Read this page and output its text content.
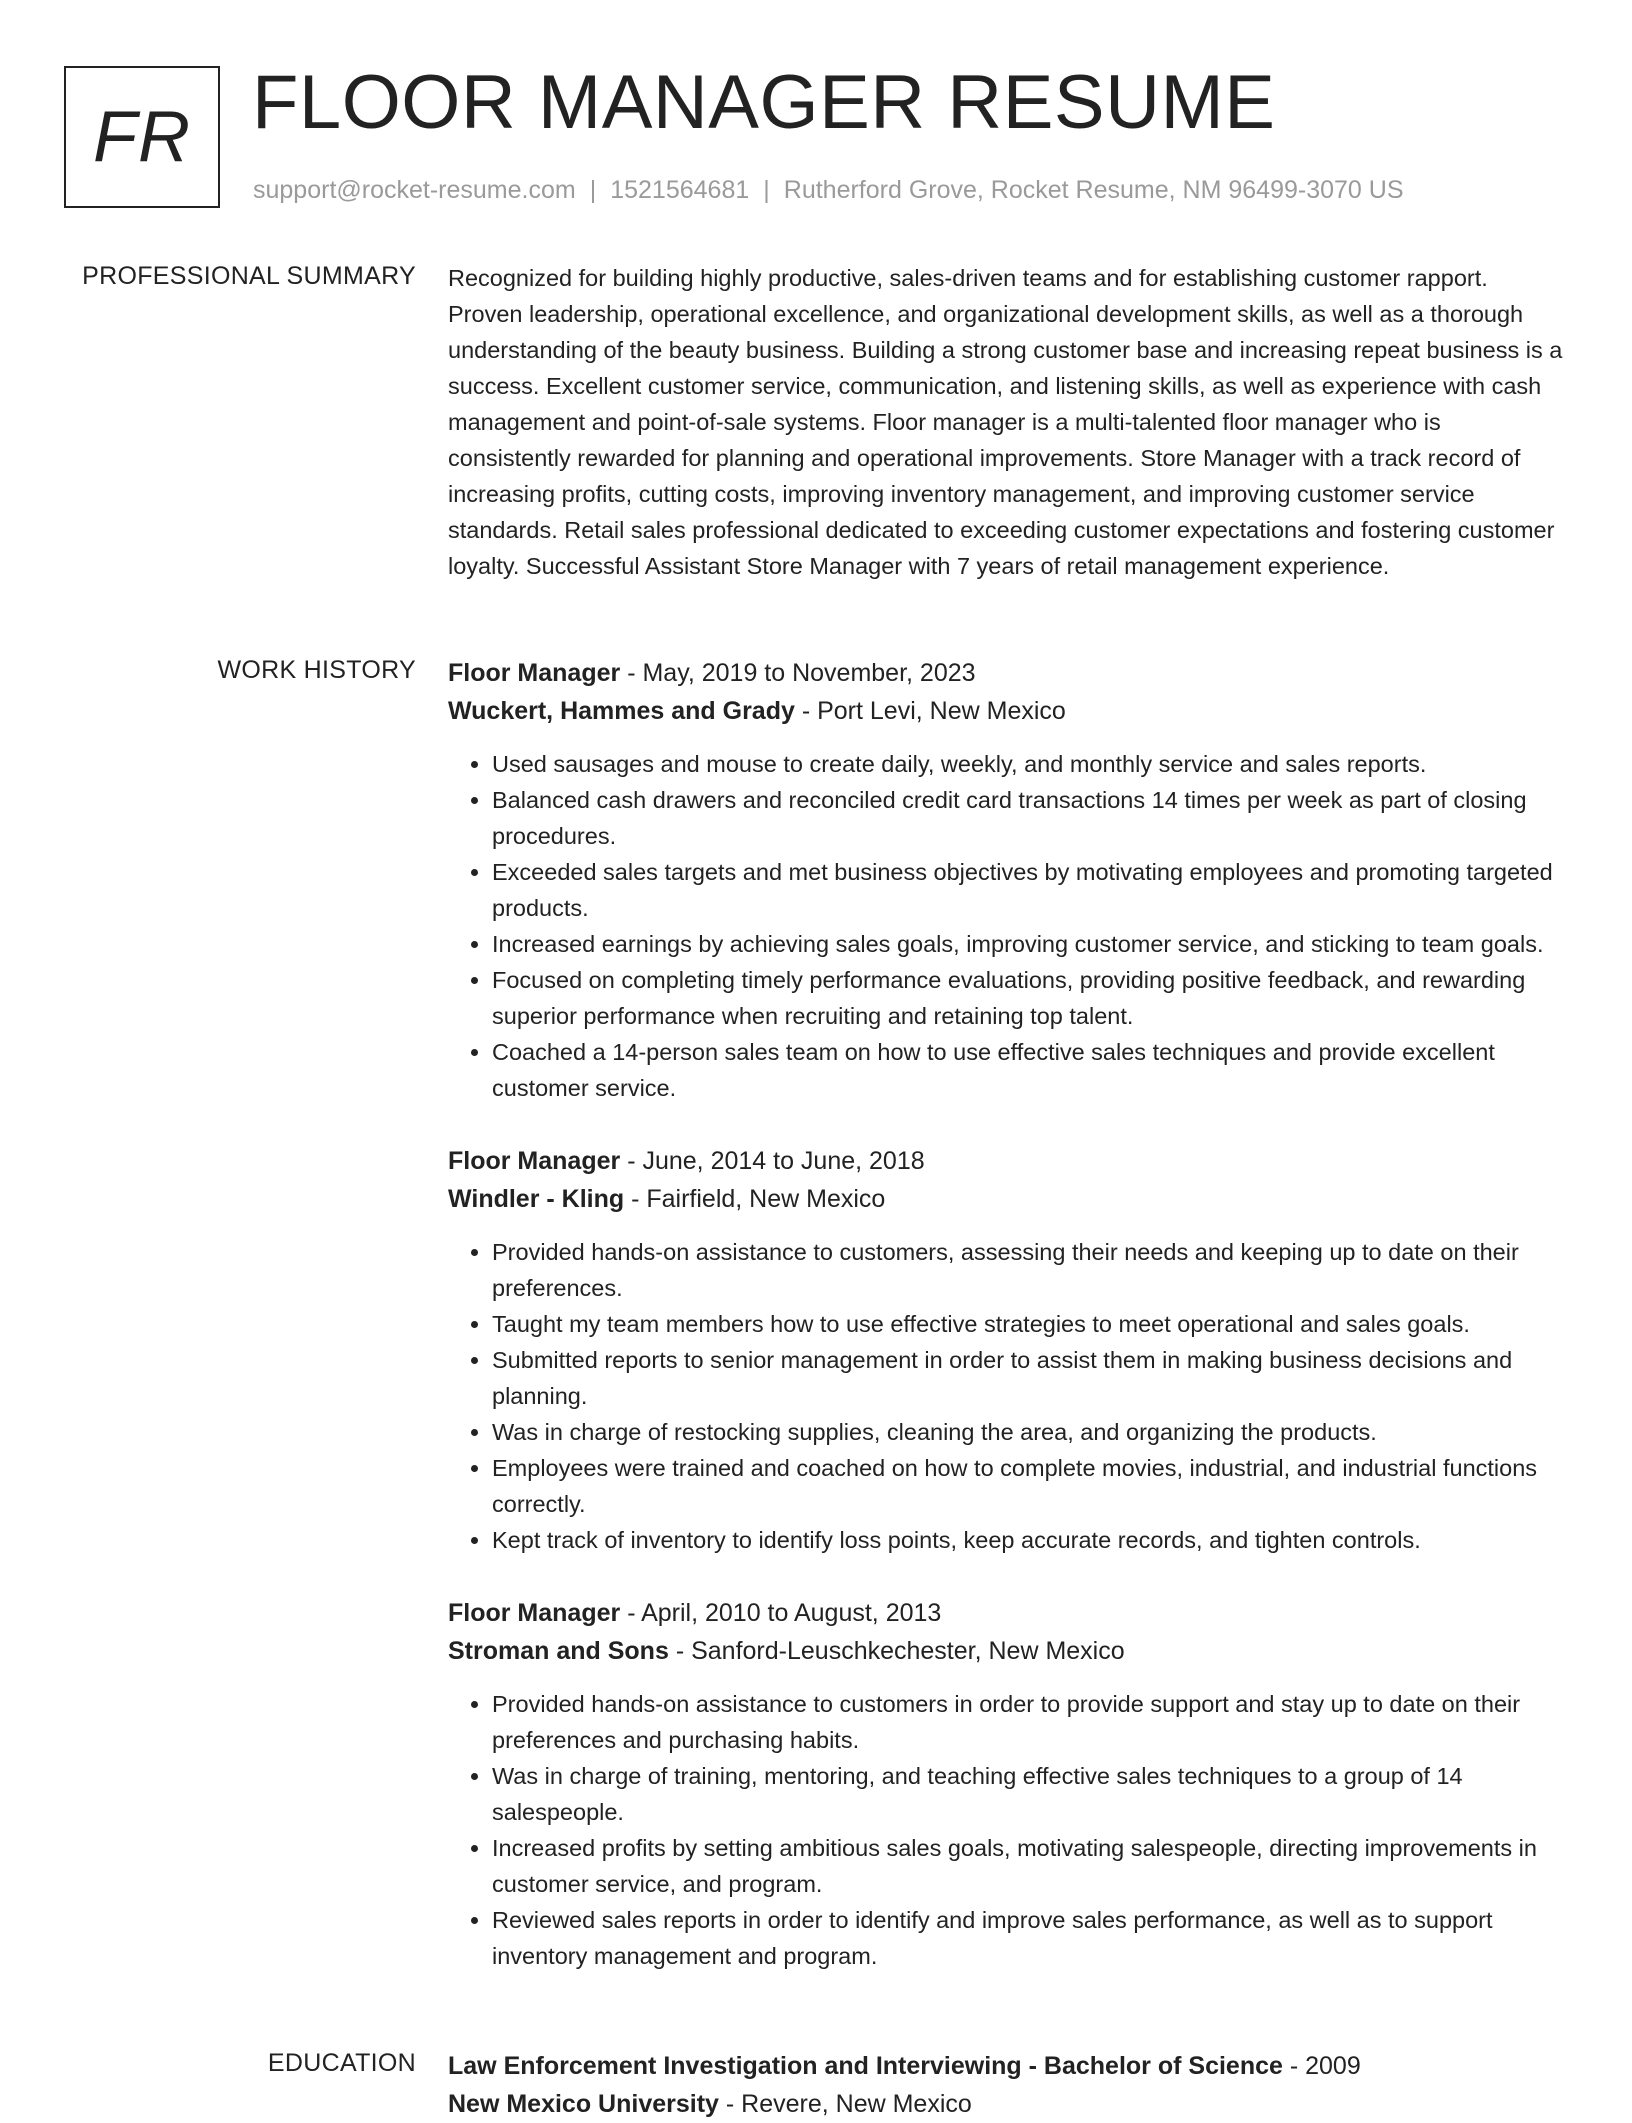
FR FLOOR MANAGER RESUME
support@rocket-resume.com | 1521564681 | Rutherford Grove, Rocket Resume, NM 96499-3070 US
PROFESSIONAL SUMMARY Recognized for building highly productive, sales-driven teams and for establishing customer rapport. Proven leadership, operational excellence, and organizational development skills, as well as a thorough understanding of the beauty business. Building a strong customer base and increasing repeat business is a success. Excellent customer service, communication, and listening skills, as well as experience with cash management and point-of-sale systems. Floor manager is a multi-talented floor manager who is consistently rewarded for planning and operational improvements. Store Manager with a track record of increasing profits, cutting costs, improving inventory management, and improving customer service standards. Retail sales professional dedicated to exceeding customer expectations and fostering customer loyalty. Successful Assistant Store Manager with 7 years of retail management experience.

WORK HISTORY Floor Manager - May, 2019 to November, 2023
Wuckert, Hammes and Grady - Port Levi, New Mexico
• Used sausages and mouse to create daily, weekly, and monthly service and sales reports.
• Balanced cash drawers and reconciled credit card transactions 14 times per week as part of closing procedures.
• Exceeded sales targets and met business objectives by motivating employees and promoting targeted products.
• Increased earnings by achieving sales goals, improving customer service, and sticking to team goals.
• Focused on completing timely performance evaluations, providing positive feedback, and rewarding superior performance when recruiting and retaining top talent.
• Coached a 14-person sales team on how to use effective sales techniques and provide excellent customer service.
Floor Manager - June, 2014 to June, 2018
Windler - Kling - Fairfield, New Mexico
• Provided hands-on assistance to customers, assessing their needs and keeping up to date on their preferences.
• Taught my team members how to use effective strategies to meet operational and sales goals.
• Submitted reports to senior management in order to assist them in making business decisions and planning.
• Was in charge of restocking supplies, cleaning the area, and organizing the products.
• Employees were trained and coached on how to complete movies, industrial, and industrial functions correctly.
• Kept track of inventory to identify loss points, keep accurate records, and tighten controls.
Floor Manager - April, 2010 to August, 2013
Stroman and Sons - Sanford-Leuschkechester, New Mexico
• Provided hands-on assistance to customers in order to provide support and stay up to date on their preferences and purchasing habits.
• Was in charge of training, mentoring, and teaching effective sales techniques to a group of 14 salespeople.
• Increased profits by setting ambitious sales goals, motivating salespeople, directing improvements in customer service, and program.
• Reviewed sales reports in order to identify and improve sales performance, as well as to support inventory management and program.
EDUCATION Law Enforcement Investigation and Interviewing - Bachelor of Science - 2009
New Mexico University - Revere, New Mexico
